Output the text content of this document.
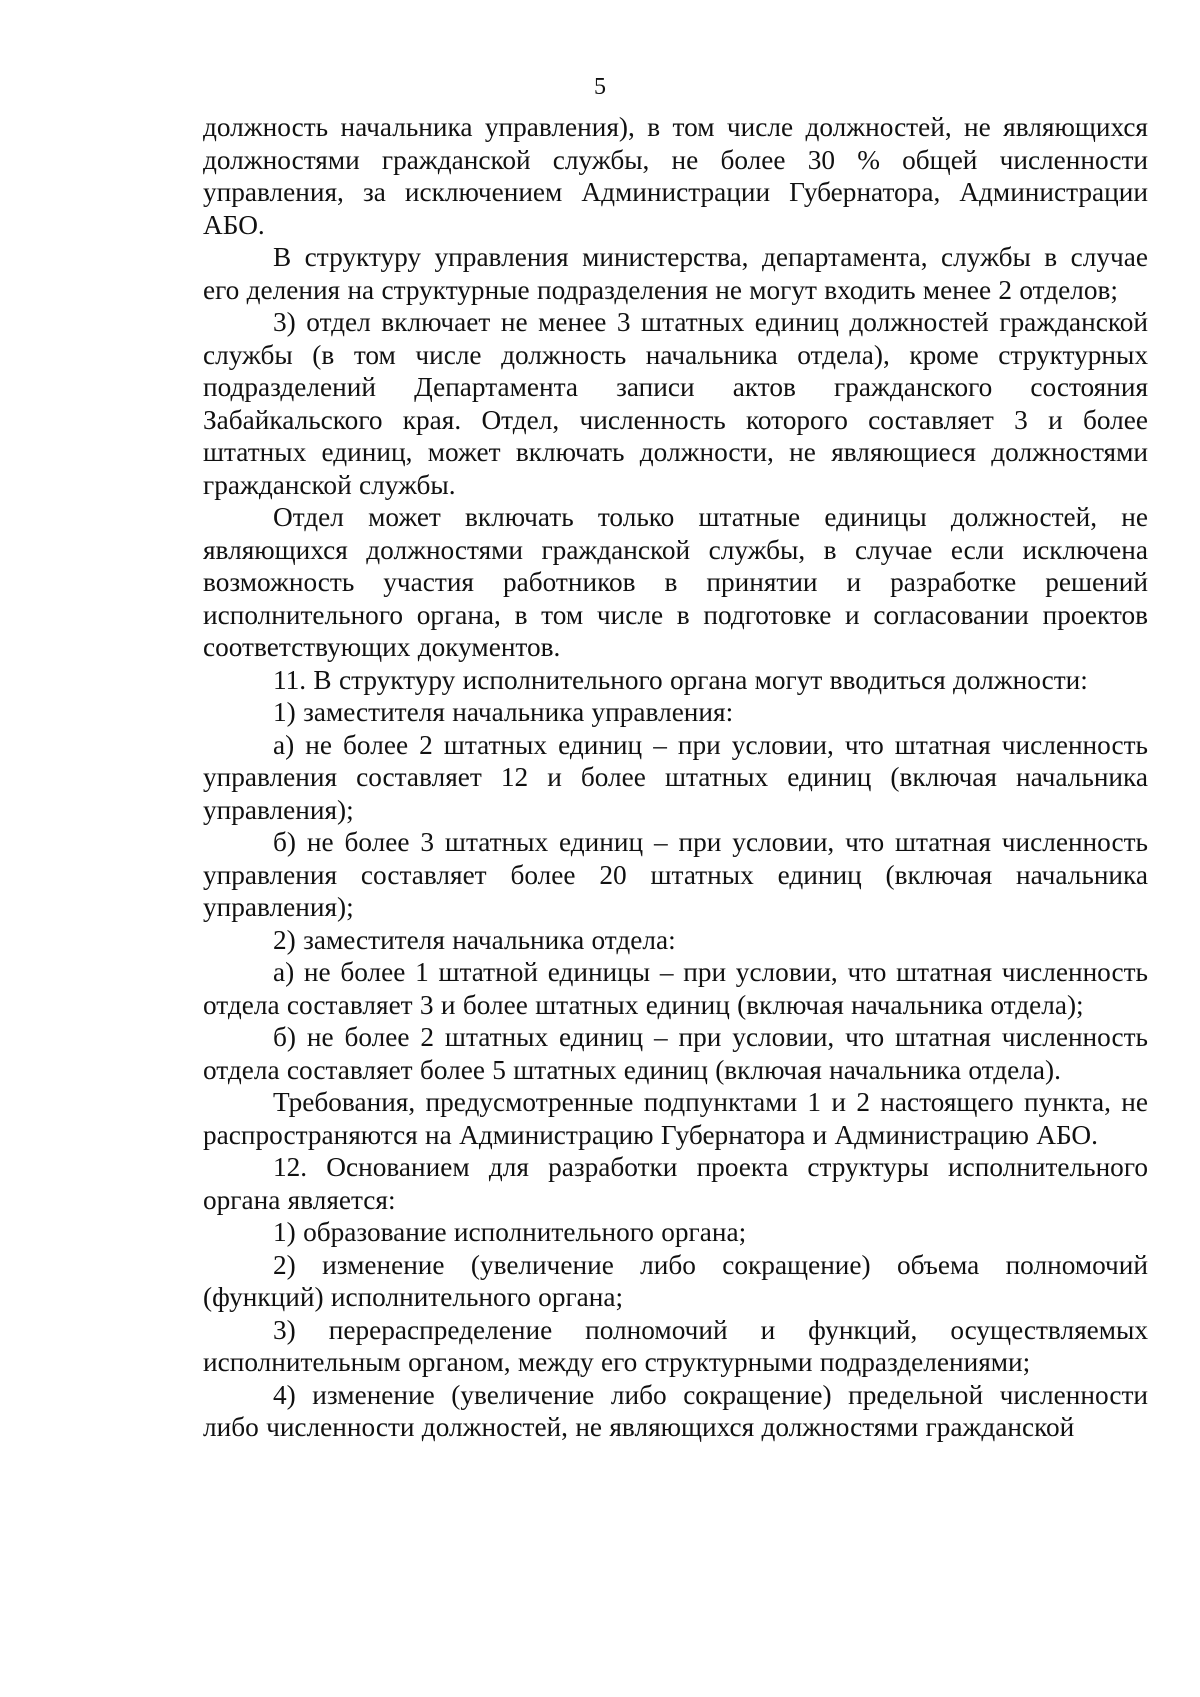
5

должность начальника управления), в том числе должностей, не являющихся должностями гражданской службы, не более 30 % общей численности управления, за исключением Администрации Губернатора, Администрации АБО.

В структуру управления министерства, департамента, службы в случае его деления на структурные подразделения не могут входить менее 2 отделов;

3) отдел включает не менее 3 штатных единиц должностей гражданской службы (в том числе должность начальника отдела), кроме структурных подразделений Департамента записи актов гражданского состояния Забайкальского края. Отдел, численность которого составляет 3 и более штатных единиц, может включать должности, не являющиеся должностями гражданской службы.

Отдел может включать только штатные единицы должностей, не являющихся должностями гражданской службы, в случае если исключена возможность участия работников в принятии и разработке решений исполнительного органа, в том числе в подготовке и согласовании проектов соответствующих документов.

11. В структуру исполнительного органа могут вводиться должности:

1) заместителя начальника управления:

а) не более 2 штатных единиц – при условии, что штатная численность управления составляет 12 и более штатных единиц (включая начальника управления);

б) не более 3 штатных единиц – при условии, что штатная численность управления составляет более 20 штатных единиц (включая начальника управления);

2) заместителя начальника отдела:

а) не более 1 штатной единицы – при условии, что штатная численность отдела составляет 3 и более штатных единиц (включая начальника отдела);

б) не более 2 штатных единиц – при условии, что штатная численность отдела составляет более 5 штатных единиц (включая начальника отдела).

Требования, предусмотренные подпунктами 1 и 2 настоящего пункта, не распространяются на Администрацию Губернатора и Администрацию АБО.

12. Основанием для разработки проекта структуры исполнительного органа является:

1) образование исполнительного органа;

2) изменение (увеличение либо сокращение) объема полномочий (функций) исполнительного органа;

3) перераспределение полномочий и функций, осуществляемых исполнительным органом, между его структурными подразделениями;

4) изменение (увеличение либо сокращение) предельной численности либо численности должностей, не являющихся должностями гражданской
